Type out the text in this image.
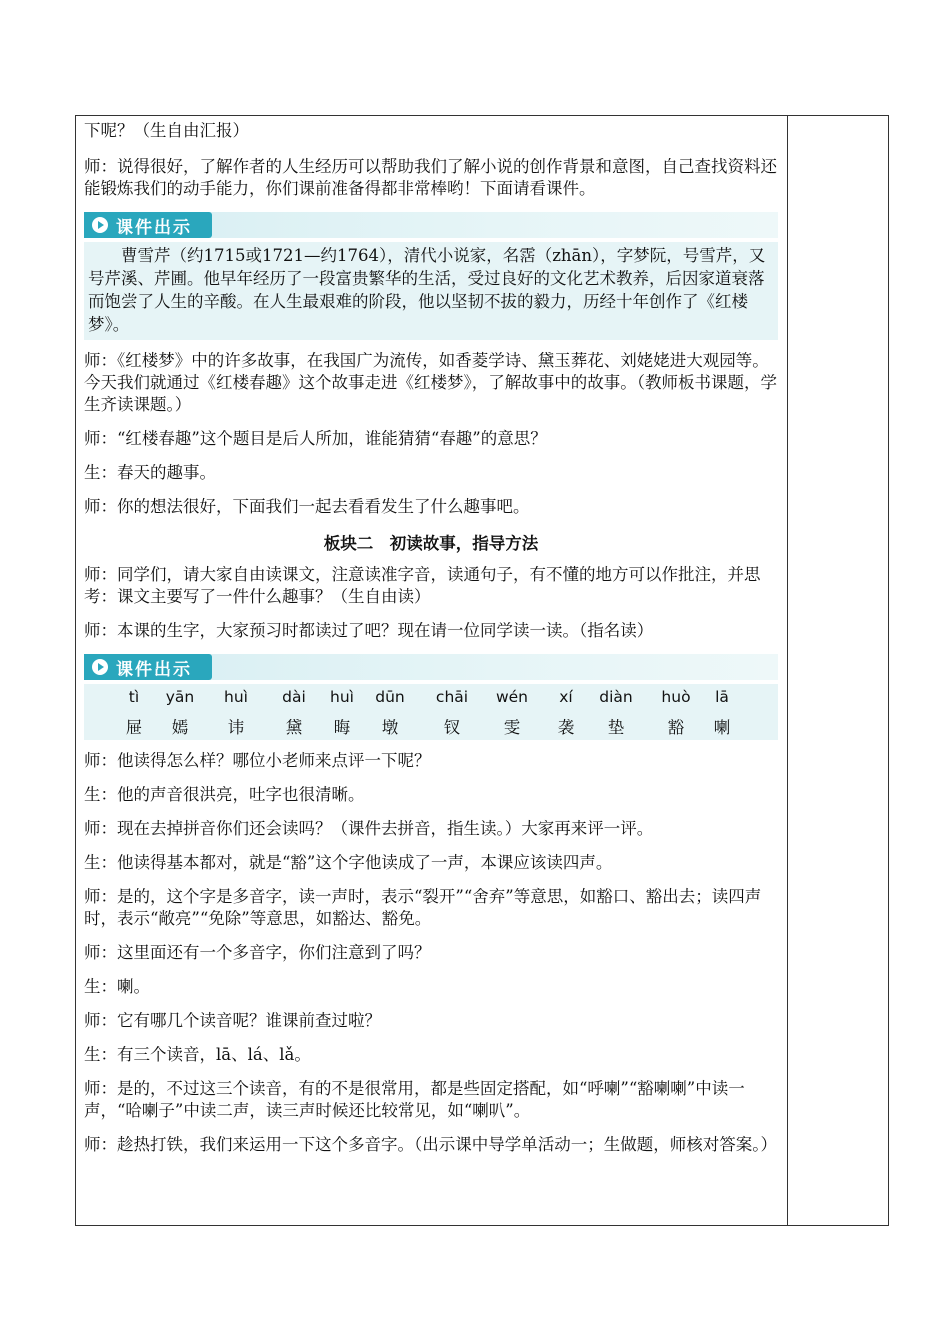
下呢？（生自由汇报）

师：说得很好，了解作者的人生经历可以帮助我们了解小说的创作背景和意图，自己查找资料还能锻炼我们的动手能力，你们课前准备得都非常棒哟！下面请看课件。

课件出示

曹雪芹（约1715或1721—约1764），清代小说家，名霑（zhān），字梦阮，号雪芹，又号芹溪、芹圃。他早年经历了一段富贵繁华的生活，受过良好的文化艺术教养，后因家道衰落而饱尝了人生的辛酸。在人生最艰难的阶段，他以坚韧不拔的毅力，历经十年创作了《红楼梦》。

师：《红楼梦》中的许多故事，在我国广为流传，如香菱学诗、黛玉葬花、刘姥姥进大观园等。今天我们就通过《红楼春趣》这个故事走进《红楼梦》，了解故事中的故事。（教师板书课题，学生齐读课题。）

师：“红楼春趣”这个题目是后人所加，谁能猜猜“春趣”的意思？

生：春天的趣事。

师：你的想法很好，下面我们一起去看看发生了什么趣事吧。

板块二　初读故事，指导方法

师：同学们，请大家自由读课文，注意读准字音，读通句子，有不懂的地方可以作批注，并思考：课文主要写了一件什么趣事？（生自由读）

师：本课的生字，大家预习时都读过了吧？现在请一位同学读一读。（指名读）

课件出示
tì
屉
yān
嫣
huì
讳
dài
黛
huì
晦
dūn
墩
chāi
钗
wén
雯
xí
袭
diàn
垫
huò
豁
lā
喇

师：他读得怎么样？哪位小老师来点评一下呢？

生：他的声音很洪亮，吐字也很清晰。

师：现在去掉拼音你们还会读吗？（课件去拼音，指生读。）大家再来评一评。

生：他读得基本都对，就是“豁”这个字他读成了一声，本课应该读四声。

师：是的，这个字是多音字，读一声时，表示“裂开”“舍弃”等意思，如豁口、豁出去；读四声时，表示“敞亮”“免除”等意思，如豁达、豁免。

师：这里面还有一个多音字，你们注意到了吗？

生：喇。

师：它有哪几个读音呢？谁课前查过啦？

生：有三个读音，lā、lá、lǎ。

师：是的，不过这三个读音，有的不是很常用，都是些固定搭配，如“呼喇”“豁喇喇”中读一声，“哈喇子”中读二声，读三声时候还比较常见，如“喇叭”。

师：趁热打铁，我们来运用一下这个多音字。（出示课中导学单活动一；生做题，师核对答案。）
